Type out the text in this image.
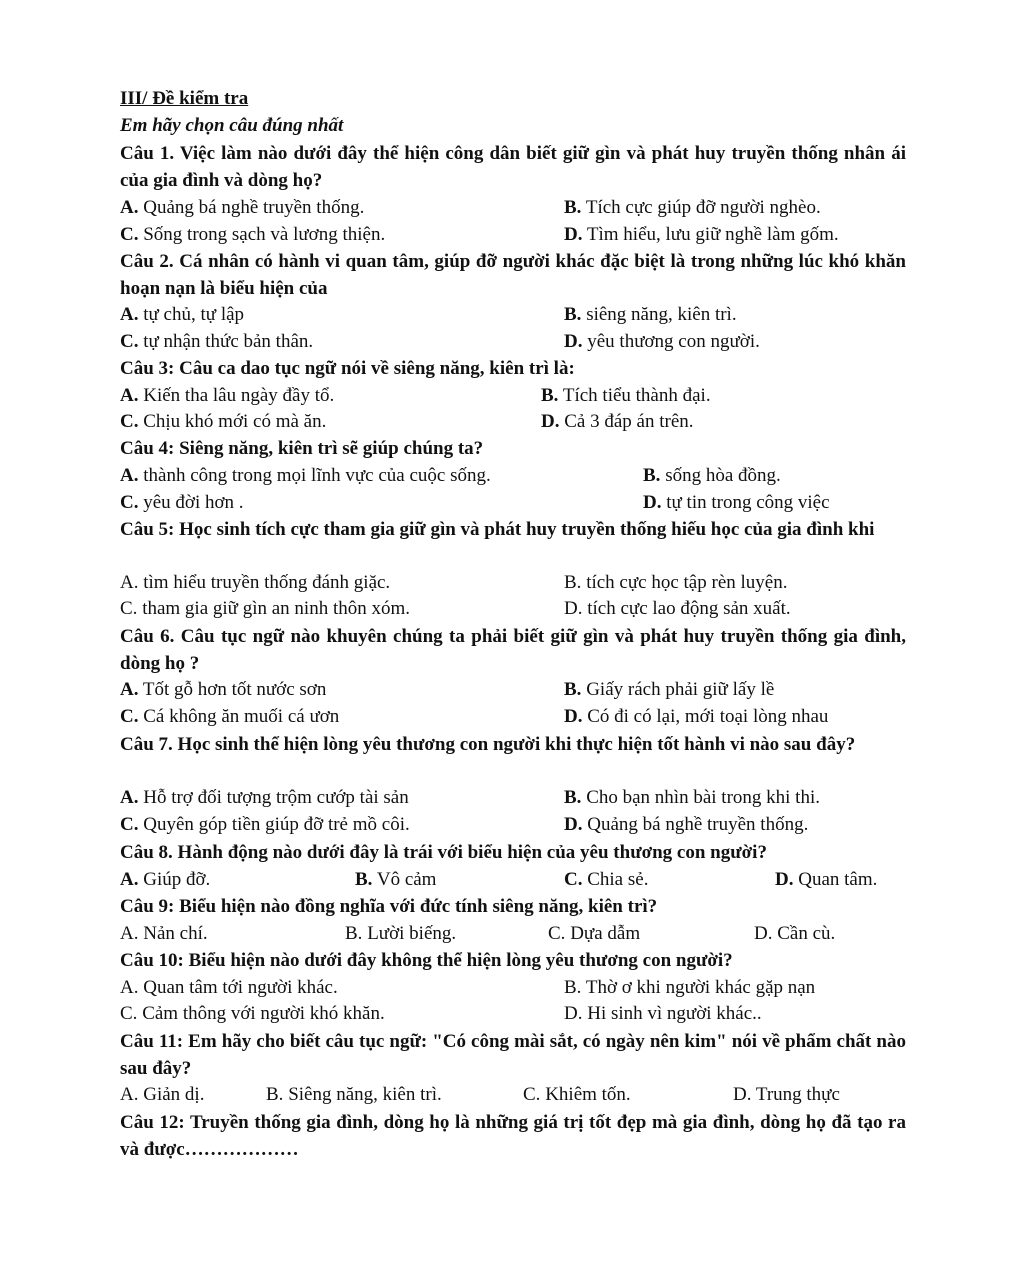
III/ Đề kiểm tra
Em hãy chọn câu đúng nhất
Câu 1. Việc làm nào dưới đây thể hiện công dân biết giữ gìn và phát huy truyền thống nhân ái của gia đình và dòng họ?
A. Quảng bá nghề truyền thống.	B. Tích cực giúp đỡ người nghèo.
C. Sống trong sạch và lương thiện.	D. Tìm hiểu, lưu giữ nghề làm gốm.
Câu 2. Cá nhân có hành vi quan tâm, giúp đỡ người khác đặc biệt là trong những lúc khó khăn hoạn nạn là biểu hiện của
A. tự chủ, tự lập	B. siêng năng, kiên trì.
C. tự nhận thức bản thân.	D. yêu thương con người.
Câu 3: Câu ca dao tục ngữ nói về siêng năng, kiên trì là:
A. Kiến tha lâu ngày đầy tổ.	B. Tích tiểu thành đại.
C. Chịu khó mới có mà ăn.	D. Cả 3 đáp án trên.
Câu 4: Siêng năng, kiên trì sẽ giúp chúng ta?
A. thành công trong mọi lĩnh vực của cuộc sống.	B. sống hòa đồng.
C. yêu đời hơn .	D. tự tin trong công việc
Câu 5: Học sinh tích cực tham gia giữ gìn và phát huy truyền thống hiếu học của gia đình khi
A. tìm hiểu truyền thống đánh giặc.	B. tích cực học tập rèn luyện.
C. tham gia giữ gìn an ninh thôn xóm.	D. tích cực lao động sản xuất.
Câu 6. Câu tục ngữ nào khuyên chúng ta phải biết giữ gìn và phát huy truyền thống gia đình, dòng họ ?
A. Tốt gỗ hơn tốt nước sơn	B. Giấy rách phải giữ lấy lề
C. Cá không ăn muối cá ươn	D. Có đi có lại, mới toại lòng nhau
Câu 7. Học sinh thể hiện lòng yêu thương con người khi thực hiện tốt hành vi nào sau đây?
A. Hỗ trợ đối tượng trộm cướp tài sản	B. Cho bạn nhìn bài trong khi thi.
C. Quyên góp tiền giúp đỡ trẻ mồ côi.	D. Quảng bá nghề truyền thống.
Câu 8. Hành động nào dưới đây là trái với biểu hiện của yêu thương con người?
A. Giúp đỡ.	B. Vô cảm	C. Chia sẻ.	D. Quan tâm.
Câu 9: Biểu hiện nào đồng nghĩa với đức tính siêng năng, kiên trì?
A. Nản chí.	B. Lười biếng.	C. Dựa dẫm	D. Cần cù.
Câu 10: Biểu hiện nào dưới đây không thể hiện lòng yêu thương con người?
A. Quan tâm tới người khác.	B. Thờ ơ khi người khác gặp nạn
C. Cảm thông với người khó khăn.	D. Hi sinh vì người khác..
Câu 11: Em hãy cho biết câu tục ngữ: "Có công mài sắt, có ngày nên kim" nói về phẩm chất nào sau đây?
A. Giản dị.	B. Siêng năng, kiên trì.	C. Khiêm tốn.	D. Trung thực
Câu 12: Truyền thống gia đình, dòng họ là những giá trị tốt đẹp mà gia đình, dòng họ đã tạo ra và được………………
